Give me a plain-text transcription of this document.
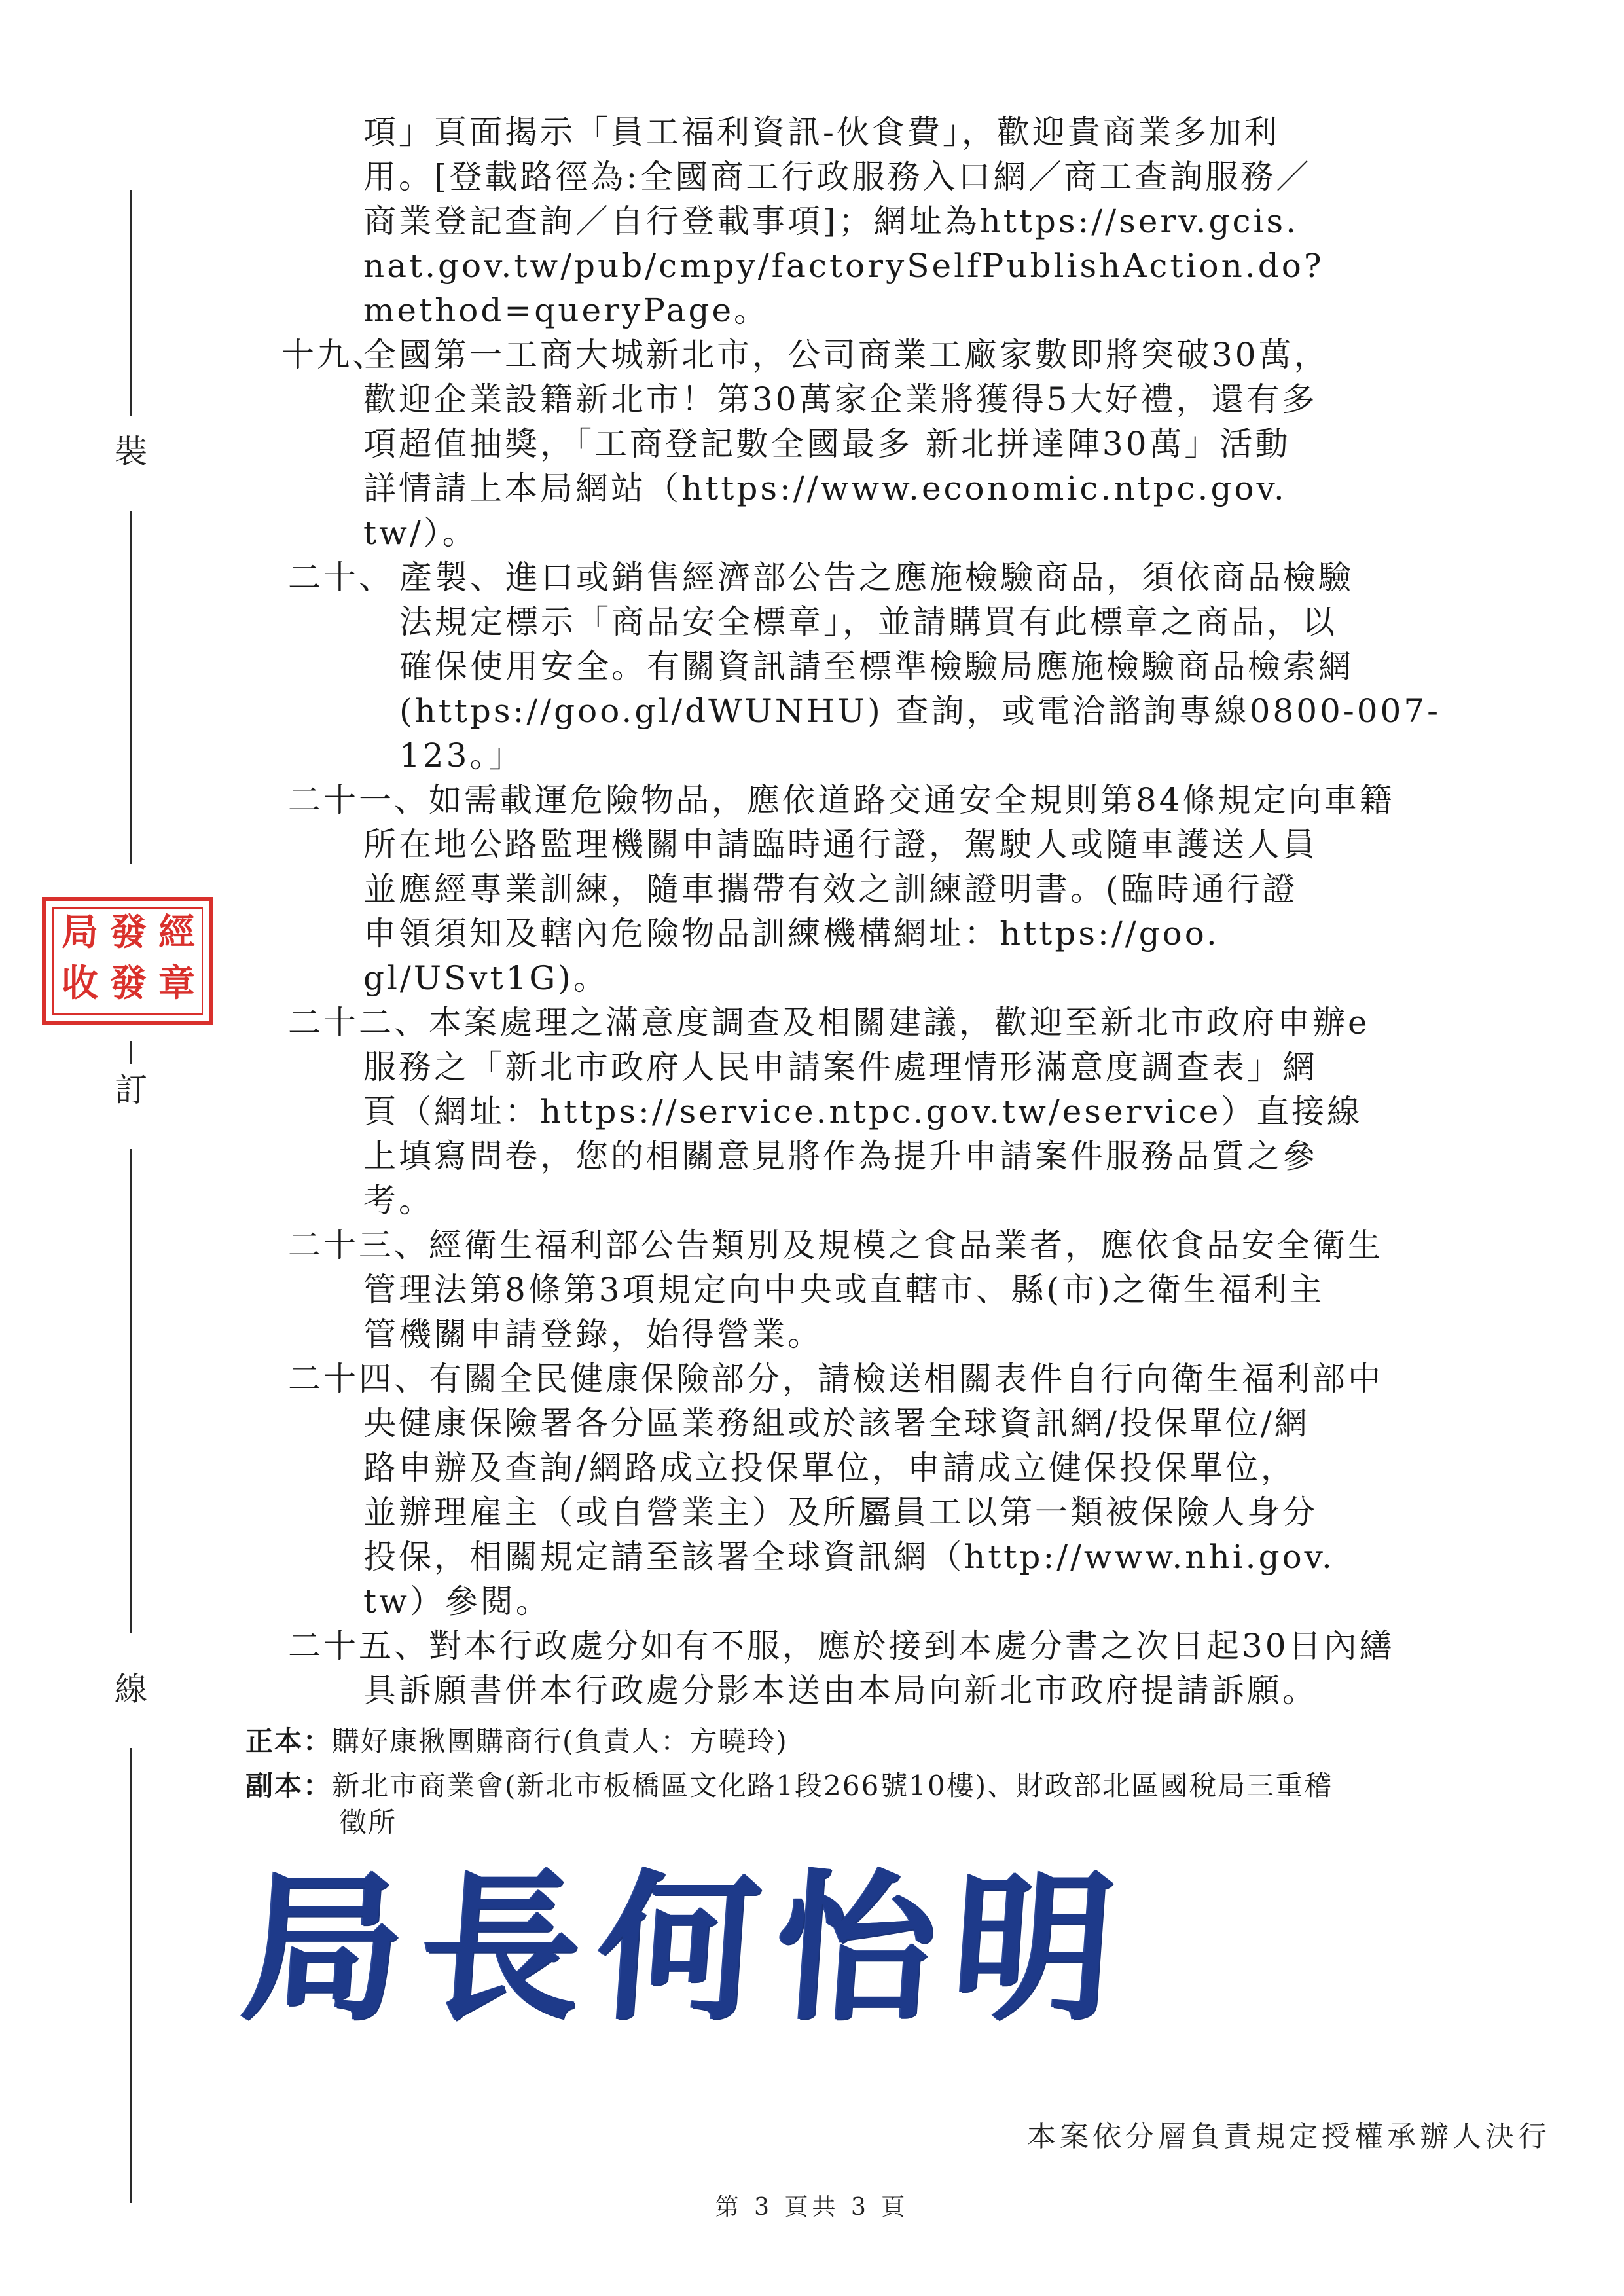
裝
訂
線
局 發 經
收 發 章
項」頁面揭示「員工福利資訊-伙食費」，歡迎貴商業多加利
用。[登載路徑為:全國商工行政服務入口網／商工查詢服務／
商業登記查詢／自行登載事項]；網址為https://serv.gcis.
nat.gov.tw/pub/cmpy/factorySelfPublishAction.do?
method=queryPage。
十九、
全國第一工商大城新北市，公司商業工廠家數即將突破30萬，
歡迎企業設籍新北市！第30萬家企業將獲得5大好禮，還有多
項超值抽獎，「工商登記數全國最多 新北拼達陣30萬」活動
詳情請上本局網站（https://www.economic.ntpc.gov.
tw/）。
二十、 產製、進口或銷售經濟部公告之應施檢驗商品，須依商品檢驗
法規定標示「商品安全標章」，並請購買有此標章之商品，以
確保使用安全。有關資訊請至標準檢驗局應施檢驗商品檢索網
(https://goo.gl/dWUNHU) 查詢，或電洽諮詢專線0800-007-
123。」
二十一、 如需載運危險物品，應依道路交通安全規則第84條規定向車籍
所在地公路監理機關申請臨時通行證，駕駛人或隨車護送人員
並應經專業訓練，隨車攜帶有效之訓練證明書。(臨時通行證
申領須知及轄內危險物品訓練機構網址：https://goo.
gl/USvt1G)。
二十二、 本案處理之滿意度調查及相關建議，歡迎至新北市政府申辦e
服務之「新北市政府人民申請案件處理情形滿意度調查表」網
頁（網址：https://service.ntpc.gov.tw/eservice）直接線
上填寫問卷，您的相關意見將作為提升申請案件服務品質之參
考。
二十三、 經衛生福利部公告類別及規模之食品業者，應依食品安全衛生
管理法第8條第3項規定向中央或直轄市、縣(市)之衛生福利主
管機關申請登錄，始得營業。
二十四、 有關全民健康保險部分，請檢送相關表件自行向衛生福利部中
央健康保險署各分區業務組或於該署全球資訊網/投保單位/網
路申辦及查詢/網路成立投保單位，申請成立健保投保單位，
並辦理雇主（或自營業主）及所屬員工以第一類被保險人身分
投保，相關規定請至該署全球資訊網（http://www.nhi.gov.
tw）參閱。
二十五、 對本行政處分如有不服，應於接到本處分書之次日起30日內繕
具訴願書併本行政處分影本送由本局向新北市政府提請訴願。
正本：購好康揪團購商行(負責人：方曉玲)
副本：新北市商業會(新北市板橋區文化路1段266號10樓)、財政部北區國稅局三重稽
徵所
局長何怡明
本案依分層負責規定授權承辦人決行
第 3 頁共 3 頁
